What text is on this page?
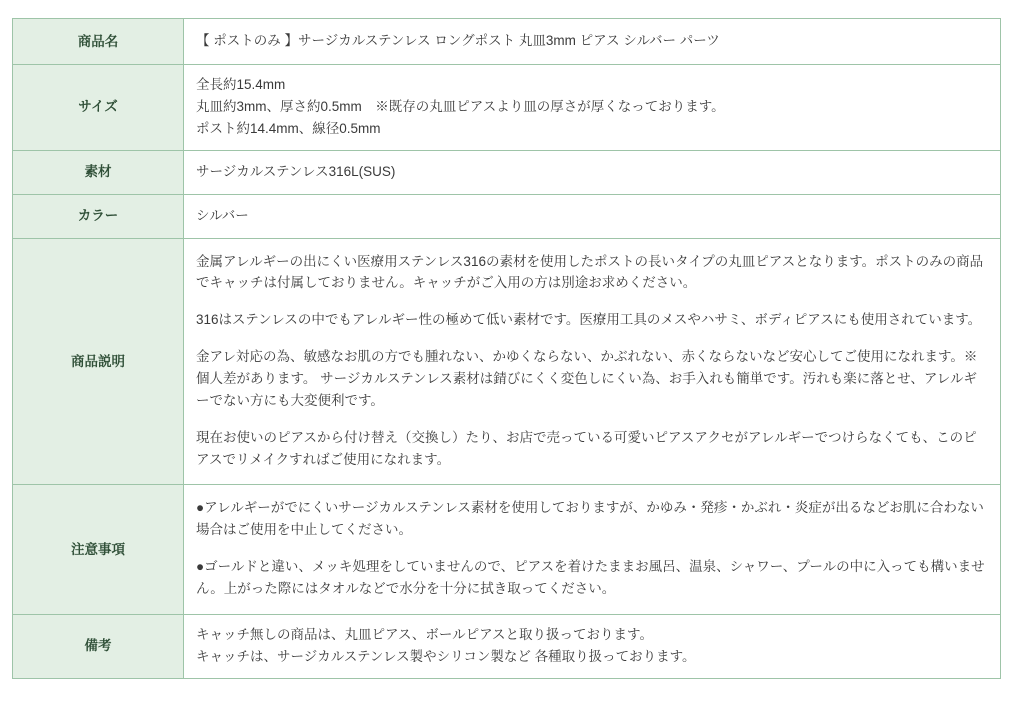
商品名	【 ポストのみ 】サージカルステンレス ロングポスト 丸皿3mm ピアス シルバー パーツ

サイズ	全長約15.4mm
丸皿約3mm、厚さ約0.5mm　※既存の丸皿ピアスより皿の厚さが厚くなっております。
ポスト約14.4mm、線径0.5mm

素材	サージカルステンレス316L(SUS)

カラー	シルバー

商品説明	金属アレルギーの出にくい医療用ステンレス316の素材を使用したポストの長いタイプの丸皿ピアスとなります。ポストのみの商品でキャッチは付属しておりません。キャッチがご入用の方は別途お求めください。

316はステンレスの中でもアレルギー性の極めて低い素材です。医療用工具のメスやハサミ、ボディピアスにも使用されています。

金アレ対応の為、敏感なお肌の方でも腫れない、かゆくならない、かぶれない、赤くならないなど安心してご使用になれます。※個人差があります。 サージカルステンレス素材は錆びにくく変色しにくい為、お手入れも簡単です。汚れも楽に落とせ、アレルギーでない方にも大変便利です。

現在お使いのピアスから付け替え（交換し）たり、お店で売っている可愛いピアスアクセがアレルギーでつけらなくても、このピアスでリメイクすればご使用になれます。

注意事項	●アレルギーがでにくいサージカルステンレス素材を使用しておりますが、かゆみ・発疹・かぶれ・炎症が出るなどお肌に合わない場合はご使用を中止してください。

●ゴールドと違い、メッキ処理をしていませんので、ピアスを着けたままお風呂、温泉、シャワー、プールの中に入っても構いません。上がった際にはタオルなどで水分を十分に拭き取ってください。

備考	キャッチ無しの商品は、丸皿ピアス、ボールピアスと取り扱っております。
キャッチは、サージカルステンレス製やシリコン製など 各種取り扱っております。
